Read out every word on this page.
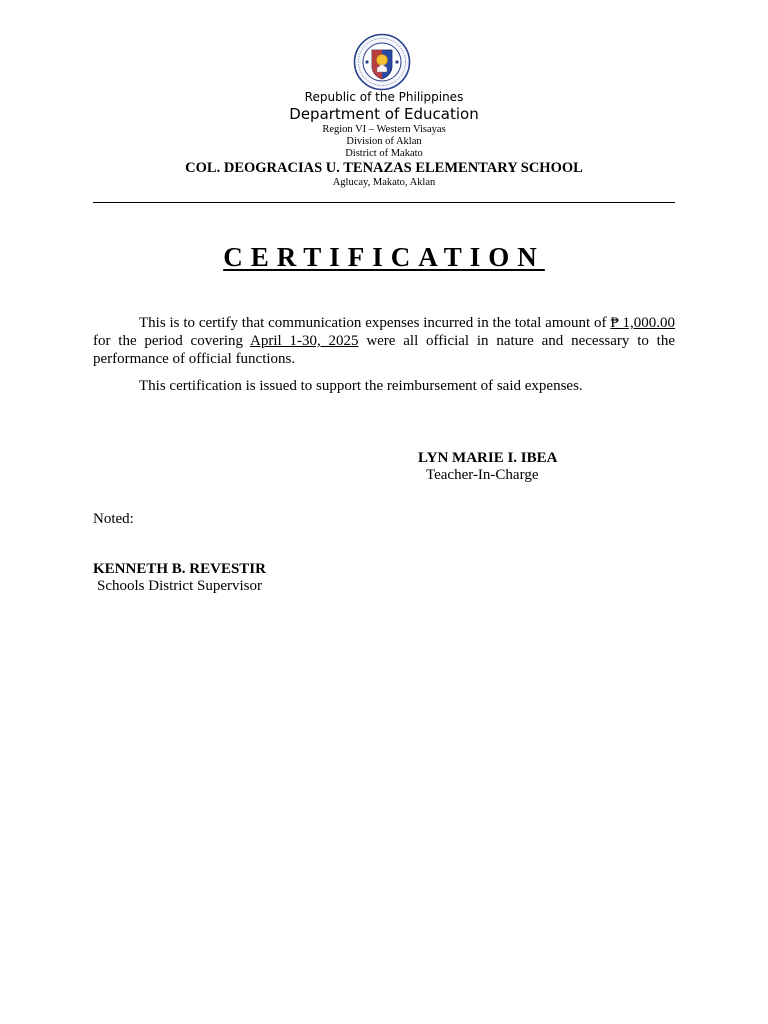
Republic of the Philippines
Department of Education
Region VI – Western Visayas
Division of Aklan
District of Makato
COL. DEOGRACIAS U. TENAZAS ELEMENTARY SCHOOL
Aglucay, Makato, Aklan
CERTIFICATION

This is to certify that communication expenses incurred in the total amount of ₱ 1,000.00 for the period covering April 1-30, 2025 were all official in nature and necessary to the performance of official functions.

This certification is issued to support the reimbursement of said expenses.

LYN MARIE I. IBEA
Teacher-In-Charge
Noted:
KENNETH B. REVESTIR
Schools District Supervisor
